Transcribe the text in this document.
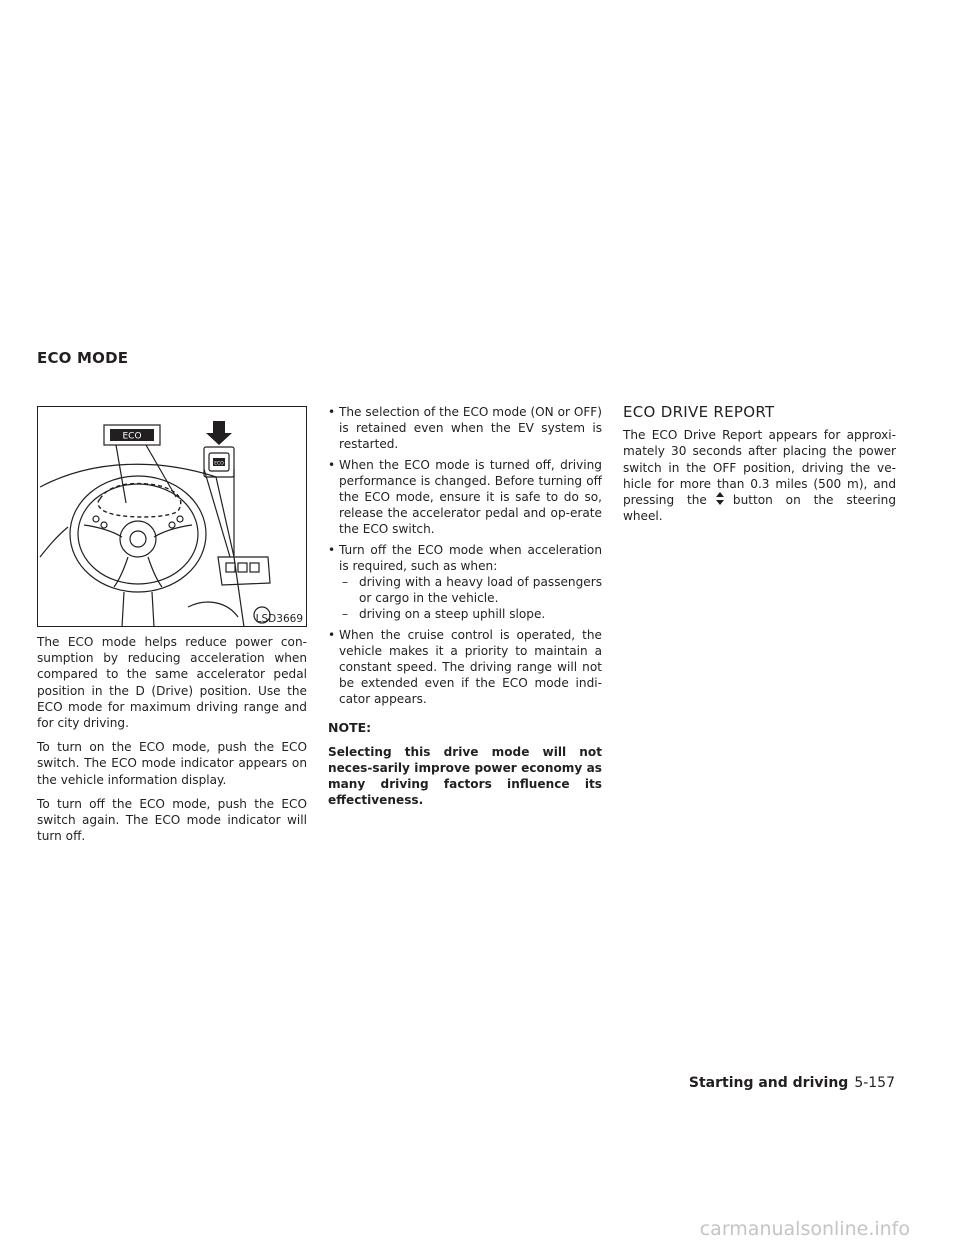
ECO MODE
ECO
ECO
LSD3669

The ECO mode helps reduce power con-sumption by reducing acceleration when compared to the same accelerator pedal position in the D (Drive) position. Use the ECO mode for maximum driving range and for city driving.

To turn on the ECO mode, push the ECO switch. The ECO mode indicator appears on the vehicle information display.

To turn off the ECO mode, push the ECO switch again. The ECO mode indicator will turn off.

• The selection of the ECO mode (ON or OFF) is retained even when the EV system is restarted.
• When the ECO mode is turned off, driving performance is changed. Before turning off the ECO mode, ensure it is safe to do so, release the accelerator pedal and op-erate the ECO switch.
• Turn off the ECO mode when acceleration is required, such as when:
– driving with a heavy load of passengers or cargo in the vehicle.
– driving on a steep uphill slope.
• When the cruise control is operated, the vehicle makes it a priority to maintain a constant speed. The driving range will not be extended even if the ECO mode indi-cator appears.
NOTE:

Selecting this drive mode will not neces-sarily improve power economy as many driving factors influence its effectiveness.

ECO DRIVE REPORT

The ECO Drive Report appears for approxi-mately 30 seconds after placing the power switch in the OFF position, driving the ve-hicle for more than 0.3 miles (500 m), and pressing the button on the steering wheel.

Starting and driving 5-157
carmanualsonline.info
